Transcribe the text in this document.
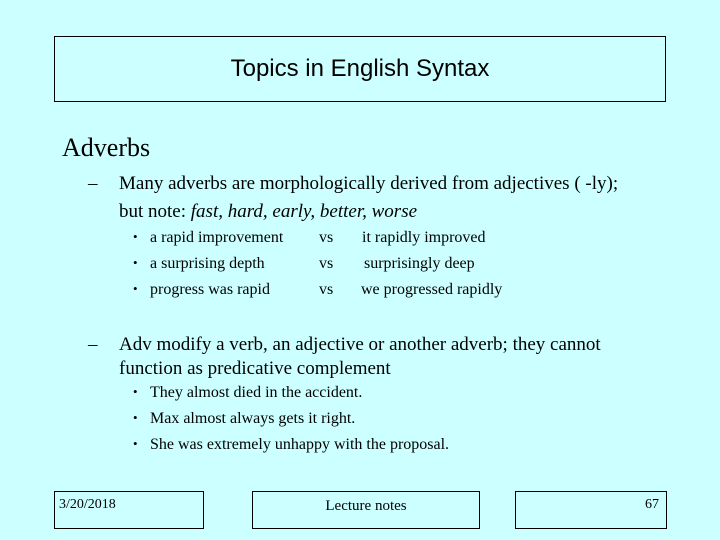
Topics in English Syntax
Adverbs
– Many adverbs are morphologically derived from adjectives ( -ly);
but note: fast, hard, early, better, worse
• a rapid improvement vs it rapidly improved
• a surprising depth	vs surprisingly deep
• progress was rapid	vs we progressed rapidly
– Adv modify a verb, an adjective or another adverb; they cannot
function as predicative complement
• They almost died in the accident.
• Max almost always gets it right.
• She was extremely unhappy with the proposal.
3/20/2018	Lecture notes	67
